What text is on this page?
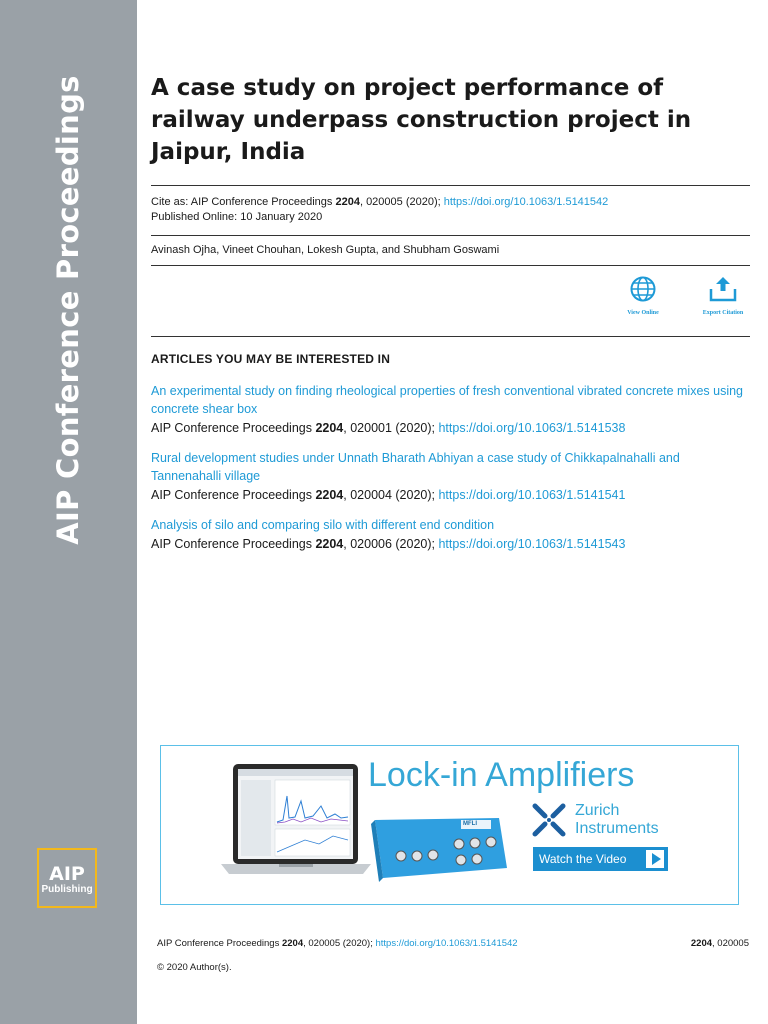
AIP Conference Proceedings
AIP
Publishing
A case study on project performance of railway underpass construction project in Jaipur, India
Cite as: AIP Conference Proceedings 2204, 020005 (2020); https://doi.org/10.1063/1.5141542
Published Online: 10 January 2020
Avinash Ojha, Vineet Chouhan, Lokesh Gupta, and Shubham Goswami
View Online	Export Citation
ARTICLES YOU MAY BE INTERESTED IN
An experimental study on finding rheological properties of fresh conventional vibrated concrete mixes using concrete shear box
AIP Conference Proceedings 2204, 020001 (2020); https://doi.org/10.1063/1.5141538
Rural development studies under Unnath Bharath Abhiyan a case study of Chikkapalnahalli and Tannenahalli village
AIP Conference Proceedings 2204, 020004 (2020); https://doi.org/10.1063/1.5141541
Analysis of silo and comparing silo with different end condition
AIP Conference Proceedings 2204, 020006 (2020); https://doi.org/10.1063/1.5141543
MFLI
Lock-in Amplifiers
Zurich
Instruments
Watch the Video
AIP Conference Proceedings 2204, 020005 (2020); https://doi.org/10.1063/1.5141542	2204, 020005
© 2020 Author(s).
